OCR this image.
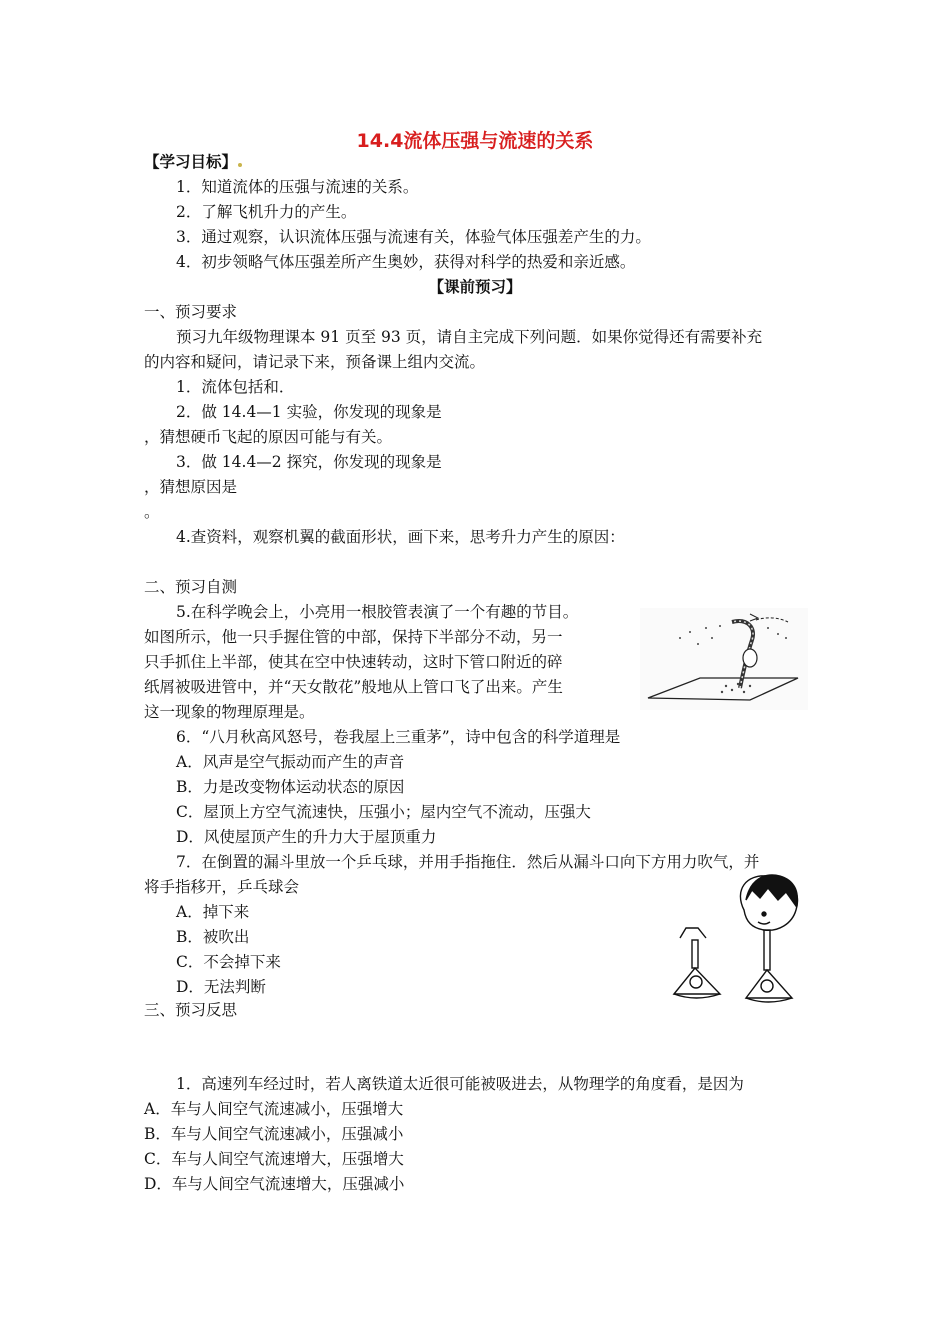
14.4流体压强与流速的关系
【学习目标】
1．知道流体的压强与流速的关系。
2．了解飞机升力的产生。
3．通过观察，认识流体压强与流速有关，体验气体压强差产生的力。
4．初步领略气体压强差所产生奥妙，获得对科学的热爱和亲近感。
【课前预习】
一、预习要求
预习九年级物理课本 91 页至 93 页，请自主完成下列问题．如果你觉得还有需要补充
的内容和疑问，请记录下来，预备课上组内交流。
1．流体包括和．
2．做 14.4—1 实验，你发现的现象是
，猜想硬币飞起的原因可能与有关。
3．做 14.4—2 探究，你发现的现象是
，猜想原因是
。
4.查资料，观察机翼的截面形状，画下来，思考升力产生的原因：
二、预习自测
5.在科学晚会上，小亮用一根胶管表演了一个有趣的节目。
如图所示，他一只手握住管的中部，保持下半部分不动，另一
只手抓住上半部，使其在空中快速转动，这时下管口附近的碎
纸屑被吸进管中，并“天女散花”般地从上管口飞了出来。产生
这一现象的物理原理是。
6．“八月秋高风怒号，卷我屋上三重茅”，诗中包含的科学道理是
A．风声是空气振动而产生的声音
B．力是改变物体运动状态的原因
C．屋顶上方空气流速快，压强小；屋内空气不流动，压强大
D．风使屋顶产生的升力大于屋顶重力
7．在倒置的漏斗里放一个乒乓球，并用手指拖住．然后从漏斗口向下方用力吹气，并
将手指移开，乒乓球会
A．掉下来
B．被吹出
C．不会掉下来
D．无法判断
三、预习反思
1．高速列车经过时，若人离铁道太近很可能被吸进去，从物理学的角度看，是因为
A．车与人间空气流速减小，压强增大
B．车与人间空气流速减小，压强减小
C．车与人间空气流速增大，压强增大
D．车与人间空气流速增大，压强减小
